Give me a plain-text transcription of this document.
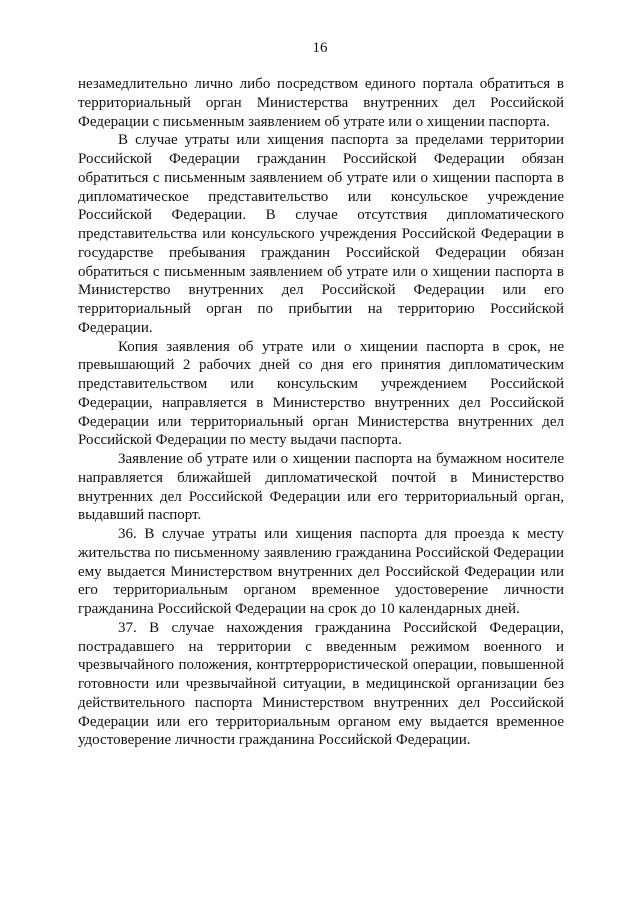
16

незамедлительно лично либо посредством единого портала обратиться в территориальный орган Министерства внутренних дел Российской Федерации с письменным заявлением об утрате или о хищении паспорта.

В случае утраты или хищения паспорта за пределами территории Российской Федерации гражданин Российской Федерации обязан обратиться с письменным заявлением об утрате или о хищении паспорта в дипломатическое представительство или консульское учреждение Российской Федерации. В случае отсутствия дипломатического представительства или консульского учреждения Российской Федерации в государстве пребывания гражданин Российской Федерации обязан обратиться с письменным заявлением об утрате или о хищении паспорта в Министерство внутренних дел Российской Федерации или его территориальный орган по прибытии на территорию Российской Федерации.

Копия заявления об утрате или о хищении паспорта в срок, не превышающий 2 рабочих дней со дня его принятия дипломатическим представительством или консульским учреждением Российской Федерации, направляется в Министерство внутренних дел Российской Федерации или территориальный орган Министерства внутренних дел Российской Федерации по месту выдачи паспорта.

Заявление об утрате или о хищении паспорта на бумажном носителе направляется ближайшей дипломатической почтой в Министерство внутренних дел Российской Федерации или его территориальный орган, выдавший паспорт.

36. В случае утраты или хищения паспорта для проезда к месту жительства по письменному заявлению гражданина Российской Федерации ему выдается Министерством внутренних дел Российской Федерации или его территориальным органом временное удостоверение личности гражданина Российской Федерации на срок до 10 календарных дней.

37. В случае нахождения гражданина Российской Федерации, пострадавшего на территории с введенным режимом военного и чрезвычайного положения, контртеррористической операции, повышенной готовности или чрезвычайной ситуации, в медицинской организации без действительного паспорта Министерством внутренних дел Российской Федерации или его территориальным органом ему выдается временное удостоверение личности гражданина Российской Федерации.
